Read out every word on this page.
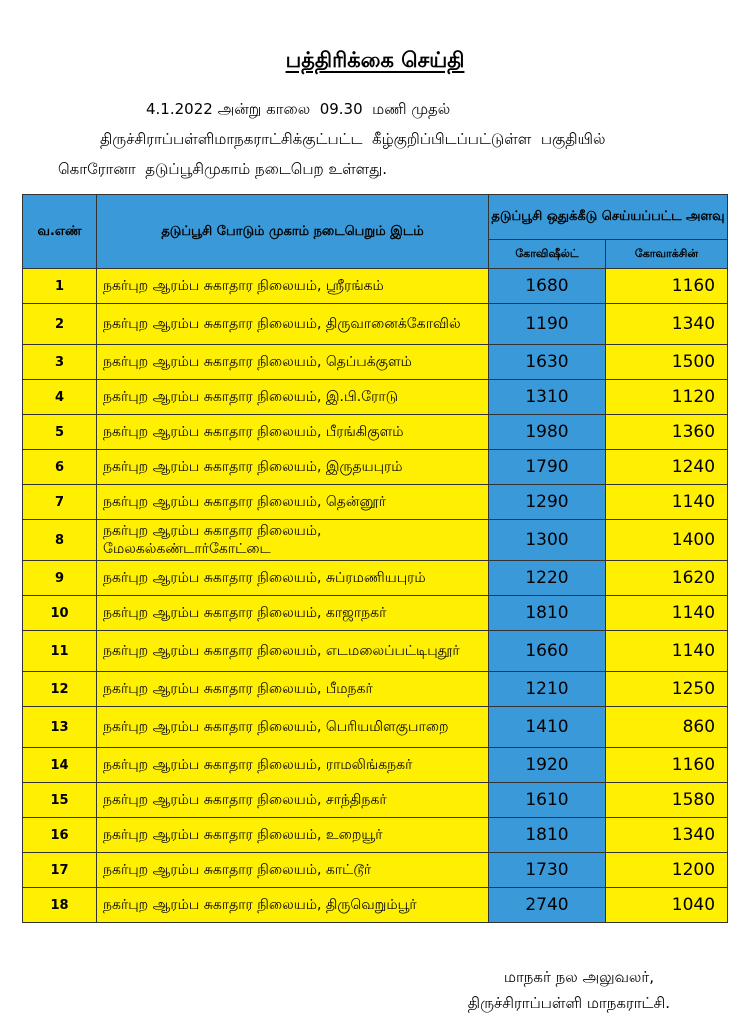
பத்திரிக்கை செய்தி
4.1.2022 அன்று காலை  09.30  மணி முதல்
திருச்சிராப்பள்ளிமாநகராட்சிக்குட்பட்ட  கீழ்குறிப்பிடப்பட்டுள்ள  பகுதியில்
கொரோனா  தடுப்பூசிமுகாம் நடைபெற உள்ளது.
வ.எண்	தடுப்பூசி போடும் முகாம் நடைபெறும் இடம்	தடுப்பூசி ஒதுக்கீடு செய்யப்பட்ட அளவு	
		கோவிஷீல்ட்	கோவாக்சின்
1	நகர்புற ஆரம்ப சுகாதார நிலையம், ஸ்ரீரங்கம்	1680	1160
2	நகர்புற ஆரம்ப சுகாதார நிலையம், திருவானைக்கோவில்	1190	1340
3	நகர்புற ஆரம்ப சுகாதார நிலையம், தெப்பக்குளம்	1630	1500
4	நகர்புற ஆரம்ப சுகாதார நிலையம், இ.பி.ரோடு	1310	1120
5	நகர்புற ஆரம்ப சுகாதார நிலையம், பீரங்கிகுளம்	1980	1360
6	நகர்புற ஆரம்ப சுகாதார நிலையம், இருதயபுரம்	1790	1240
7	நகர்புற ஆரம்ப சுகாதார நிலையம், தென்னூர்	1290	1140
8	நகர்புற ஆரம்ப சுகாதார நிலையம், மேலகல்கண்டார்கோட்டை	1300	1400
9	நகர்புற ஆரம்ப சுகாதார நிலையம், சுப்ரமணியபுரம்	1220	1620
10	நகர்புற ஆரம்ப சுகாதார நிலையம், காஜாநகர்	1810	1140
11	நகர்புற ஆரம்ப சுகாதார நிலையம், எடமலைப்பட்டிபுதூர்	1660	1140
12	நகர்புற ஆரம்ப சுகாதார நிலையம், பீமநகர்	1210	1250
13	நகர்புற ஆரம்ப சுகாதார நிலையம், பெரியமிளகுபாறை	1410	860
14	நகர்புற ஆரம்ப சுகாதார நிலையம், ராமலிங்கநகர்	1920	1160
15	நகர்புற ஆரம்ப சுகாதார நிலையம், சாந்திநகர்	1610	1580
16	நகர்புற ஆரம்ப சுகாதார நிலையம், உறையூர்	1810	1340
17	நகர்புற ஆரம்ப சுகாதார நிலையம், காட்டூர்	1730	1200
18	நகர்புற ஆரம்ப சுகாதார நிலையம், திருவெறும்பூர்	2740	1040
மாநகர் நல அலுவலர்,
திருச்சிராப்பள்ளி மாநகராட்சி.
